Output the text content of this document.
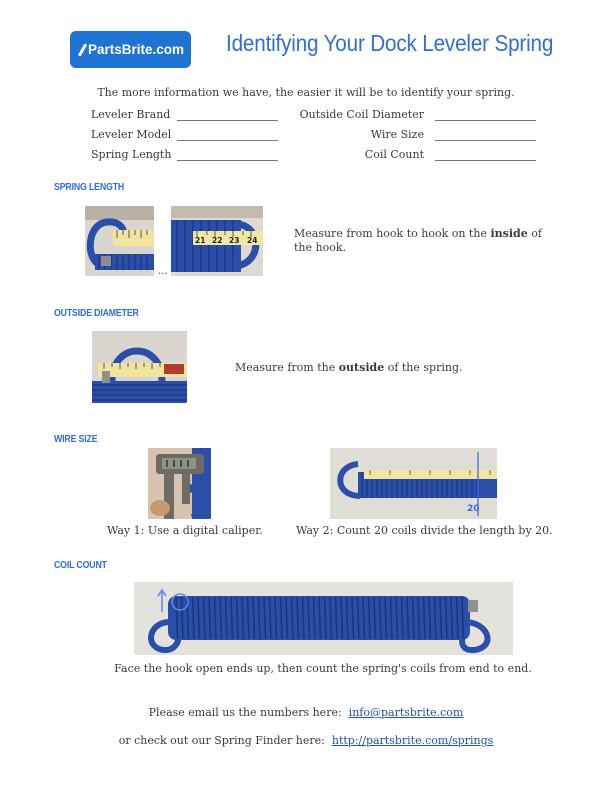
PartsBrite.com Identifying Your Dock Leveler Spring
The more information we have, the easier it will be to identify your spring.
Leveler Brand
Leveler Model
Spring Length
Outside Coil Diameter
Wire Size
Coil Count
SPRING LENGTH
...
21 22 23 24
Measure from hook to hook on the inside of the hook.
OUTSIDE DIAMETER
Measure from the outside of the spring.
WIRE SIZE
20
Way 1: Use a digital caliper.	Way 2: Count 20 coils divide the length by 20.
COIL COUNT
Face the hook open ends up, then count the spring's coils from end to end.
Please email us the numbers here: info@partsbrite.com
or check out our Spring Finder here: http://partsbrite.com/springs
